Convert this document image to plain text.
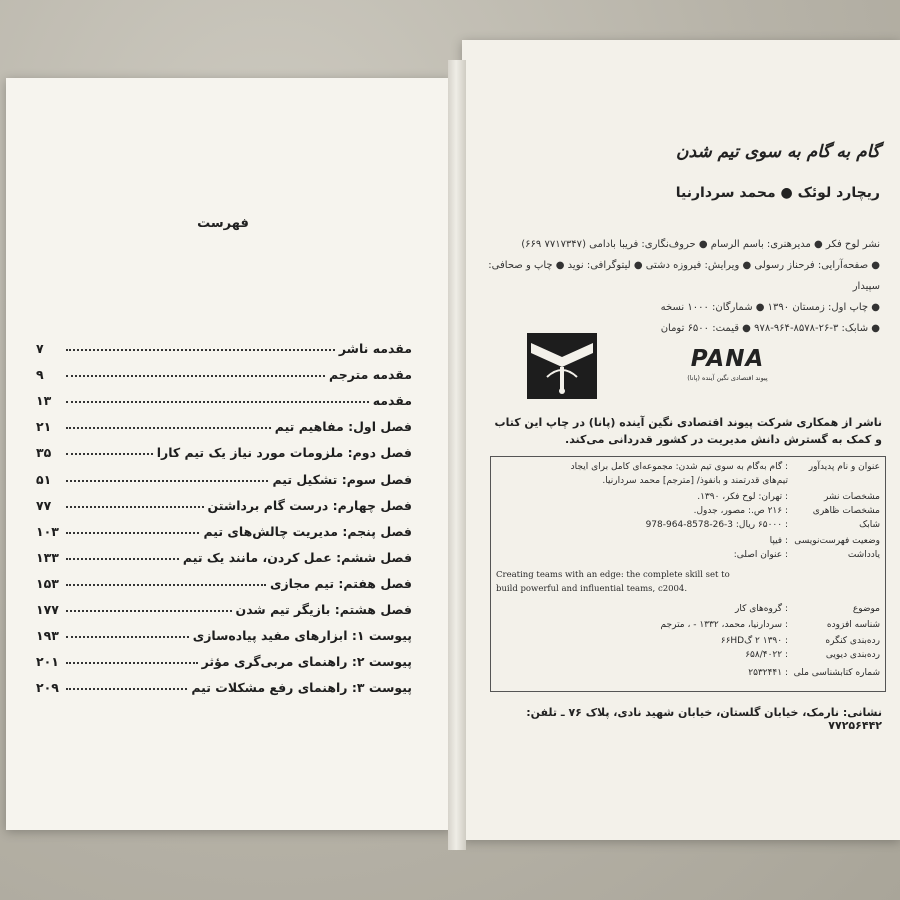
فهرست
مقدمه ناشر
۷
مقدمه مترجم
۹
مقدمه
۱۳
فصل اول: مفاهیم تیم
۲۱
فصل دوم: ملزومات مورد نیاز یک تیم کارا
۳۵
فصل سوم: تشکیل تیم
۵۱
فصل چهارم: درست گام برداشتن
۷۷
فصل پنجم: مدیریت چالش‌های تیم
۱۰۳
فصل ششم: عمل کردن، مانند یک تیم
۱۳۳
فصل هفتم: تیم مجازی
۱۵۳
فصل هشتم: بازیگر تیم شدن
۱۷۷
پیوست ۱: ابزارهای مفید پیاده‌سازی
۱۹۳
پیوست ۲: راهنمای مربی‌گری مؤثر
۲۰۱
پیوست ۳: راهنمای رفع مشکلات تیم
۲۰۹
گام به گام به سوی تیم شدن
ریچارد لوئک ● محمد سردارنیا
نشر لوح فکر ● مدیرهنری: باسم الرسام ● حروف‌نگاری: فریبا بادامی (۷۷۱۷۳۴۷ ۶۶۹)
● صفحه‌آرایی: فرحناز رسولی ● ویرایش: فیروزه دشتی ● لیتوگرافی: نوید ● چاپ و صحافی: سپیدار
● چاپ اول: زمستان ۱۳۹۰ ● شمارگان: ۱۰۰۰ نسخه
● شابک: ۳-۲۶-۸۵۷۸-۹۶۴-۹۷۸ ● قیمت: ۶۵۰۰ تومان
PANA
پیوند اقتصادی نگین آینده (پانا)
ناشر از همکاری شرکت پیوند اقتصادی نگین آینده (پانا) در چاپ این کتاب و کمک به گسترش دانش مدیریت در کشور قدردانی می‌کند.
عنوان و نام پدیدآور
: گام به‌گام به سوی تیم شدن: مجموعه‌ای کامل برای ایجاد
تیم‌های قدرتمند و بانفوذ/ [مترجم] محمد سردارنیا.
مشخصات نشر
: تهران: لوح فکر، ۱۳۹۰.
مشخصات ظاهری
: ۲۱۶ ص.: مصور، جدول.
شابک
: ۶۵۰۰۰ ریال: 3-26-8578-964-978
وضعیت فهرست‌نویسی
: فیپا
یادداشت
: عنوان اصلی:
Creating teams with an edge: the complete skill set to
build powerful and influential teams, c2004.
موضوع
: گروه‌های کار
شناسه افزوده
: سردارنیا، محمد، ۱۳۳۲ - ، مترجم
رده‌بندی کنگره
: ۱۳۹۰ ۲ گ۶۶HD
رده‌بندی دیویی
: ۶۵۸/۴۰۲۲
شماره کتابشناسی ملی
: ۲۵۳۲۴۴۱
نشانی: نارمک، خیابان گلستان، خیابان شهید نادی، پلاک ۷۶ ـ تلفن: ۷۷۲۵۶۴۴۲
